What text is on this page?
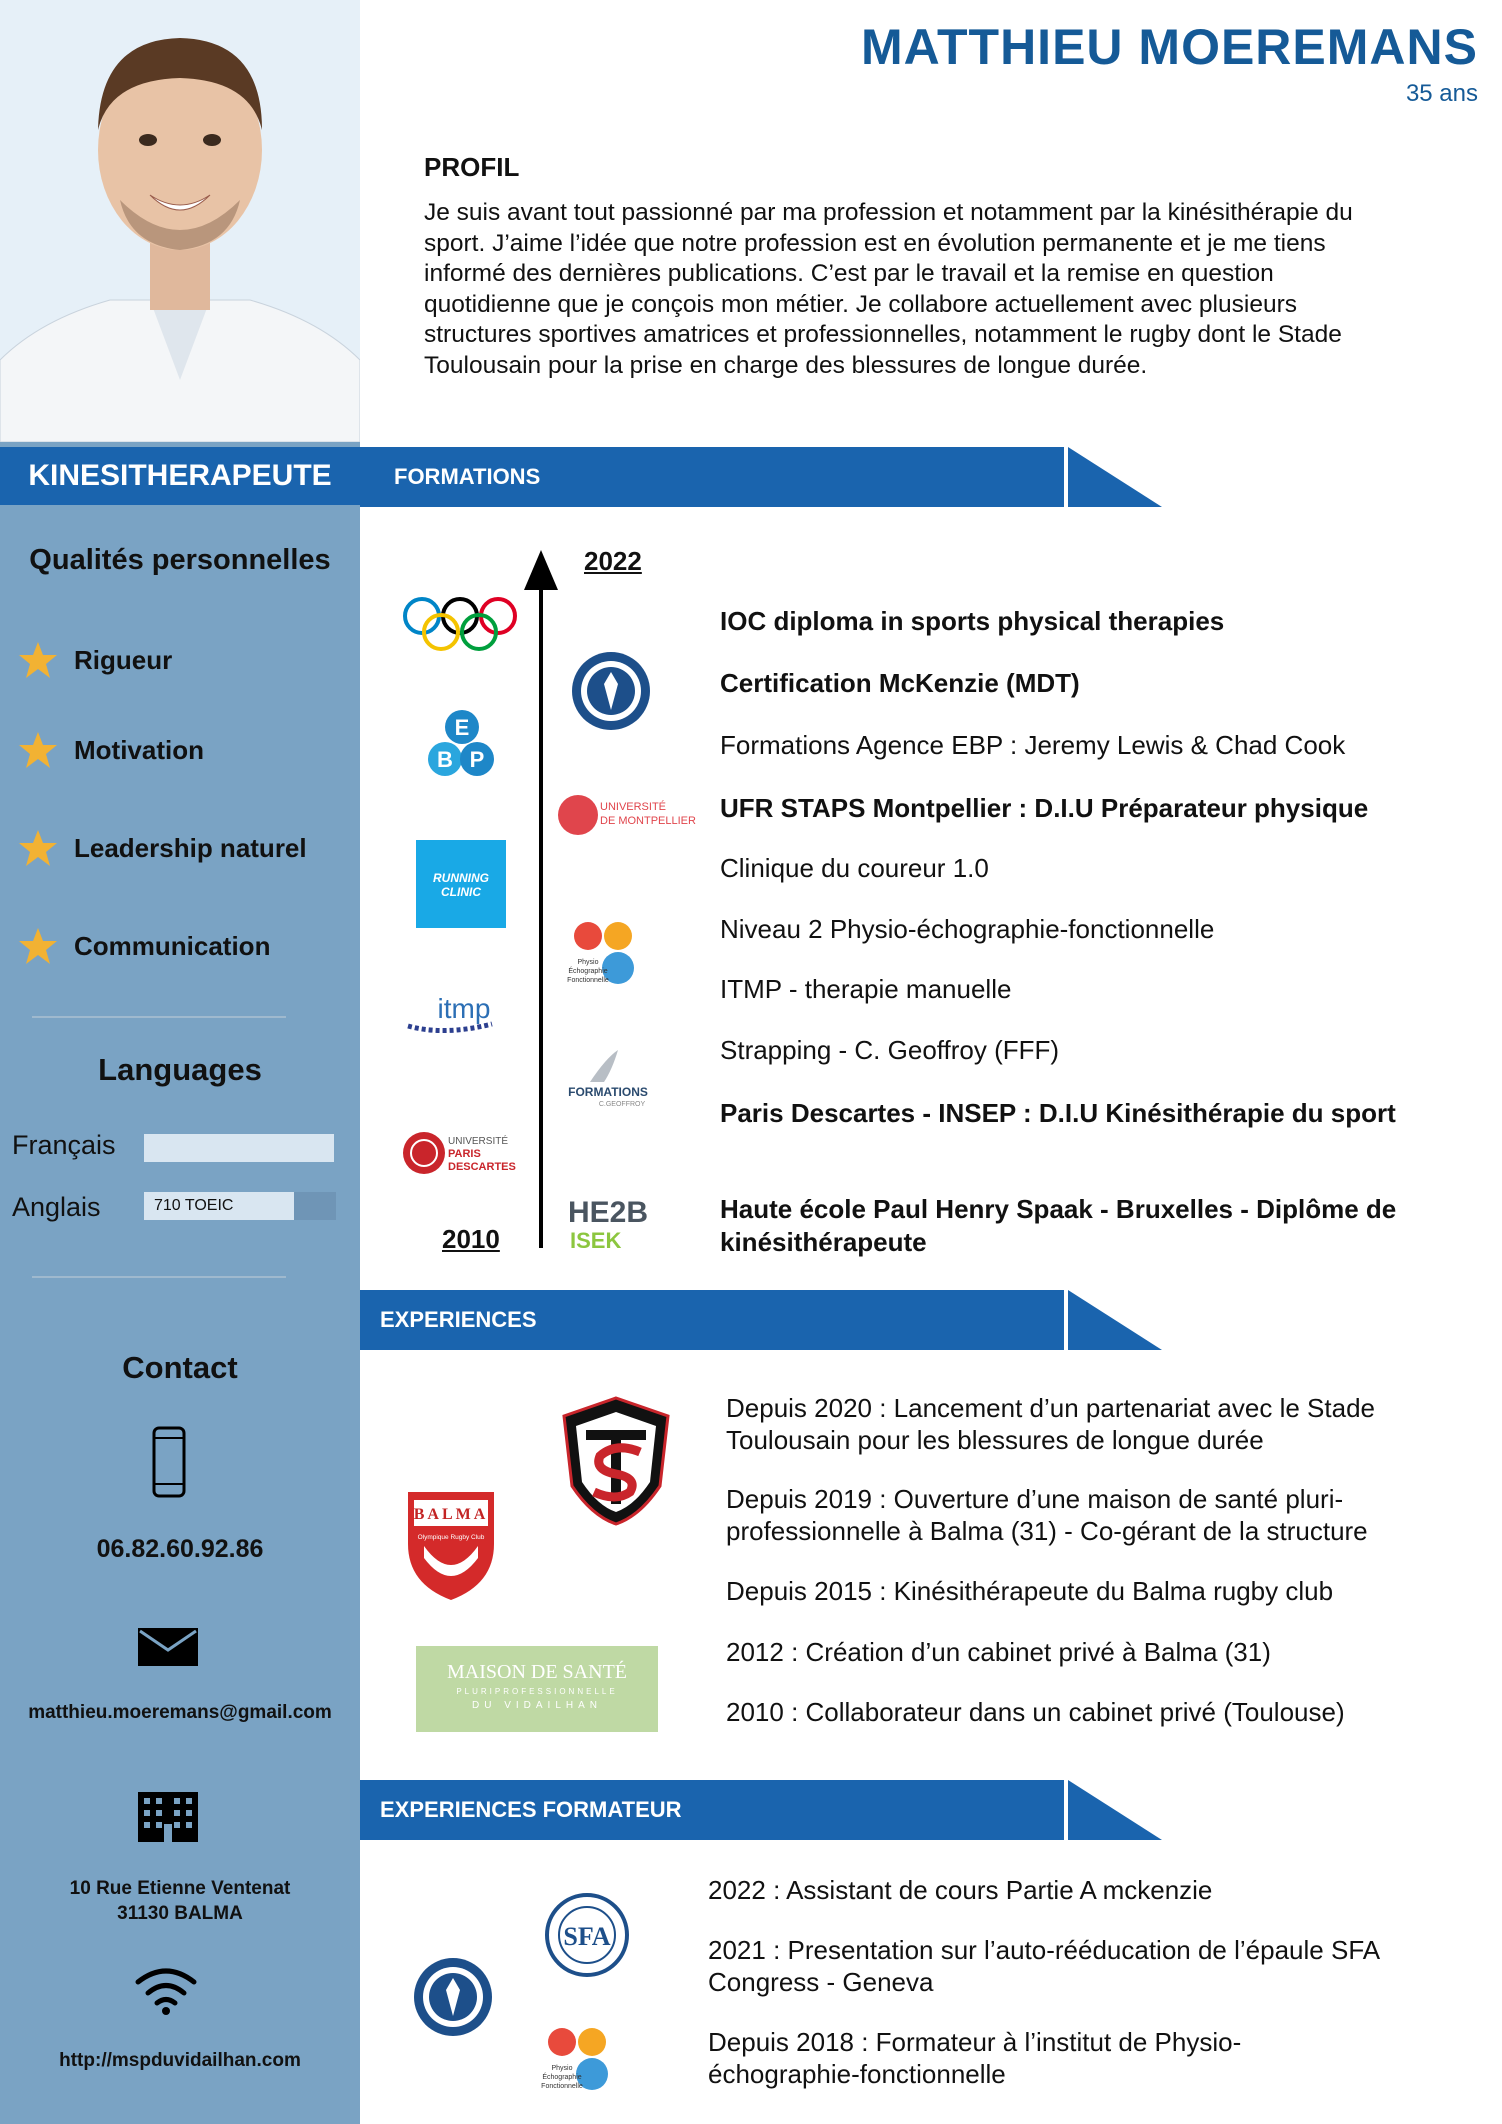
KINESITHERAPEUTE
Qualités personnelles
Rigueur
Motivation
Leadership naturel
Communication
Languages
Français
Anglais	710 TOEIC
Contact
06.82.60.92.86
matthieu.moeremans@gmail.com
10 Rue Etienne Ventenat
31130 BALMA
http://mspduvidailhan.com
MATTHIEU MOEREMANS
35 ans
PROFIL
Je suis avant tout passionné par ma profession et notamment par la kinésithérapie du sport. J’aime l’idée que notre profession est en évolution permanente et je me tiens informé des dernières publications. C’est par le travail et la remise en question quotidienne que je conçois mon métier. Je collabore actuellement avec plusieurs structures sportives amatrices et professionnelles, notamment le rugby dont le Stade Toulousain pour la prise en charge des blessures de longue durée.
FORMATIONS
2022
2010
IOC diploma in sports physical therapies
Certification McKenzie (MDT)
Formations Agence EBP : Jeremy Lewis & Chad Cook
UFR STAPS Montpellier : D.I.U Préparateur physique
Clinique du coureur 1.0
Niveau 2 Physio-échographie-fonctionnelle
ITMP - therapie manuelle
Strapping - C. Geoffroy (FFF)
Paris Descartes - INSEP : D.I.U Kinésithérapie du sport
Haute école Paul Henry Spaak - Bruxelles - Diplôme de kinésithérapeute
E
B P
UNIVERSITÉ
DE MONTPELLIER
RUNNING
CLINIC
Physio
Échographie
Fonctionnelle
itmp
FORMATIONS
C.GEOFFROY
UNIVERSITÉ
PARIS
DESCARTES
HE2B
ISEK
EXPERIENCES
Depuis 2020 : Lancement d’un partenariat avec le Stade Toulousain pour les blessures de longue durée
Depuis 2019 : Ouverture d’une maison de santé pluri-professionnelle à Balma (31) - Co-gérant de la structure
Depuis 2015 : Kinésithérapeute du Balma rugby club
2012 : Création d’un cabinet privé à Balma (31)
2010 : Collaborateur dans un cabinet privé (Toulouse)
BALMA
Olympique Rugby Club
MAISON DE SANTÉ
PLURIPROFESSIONNELLE
DU VIDAILHAN
EXPERIENCES FORMATEUR
2022 : Assistant de cours Partie A mckenzie
2021 : Presentation sur l’auto-rééducation de l’épaule SFA Congress - Geneva
Depuis 2018 : Formateur à l’institut de Physio-échographie-fonctionnelle
SFA
Physio
Échographie
Fonctionnelle
